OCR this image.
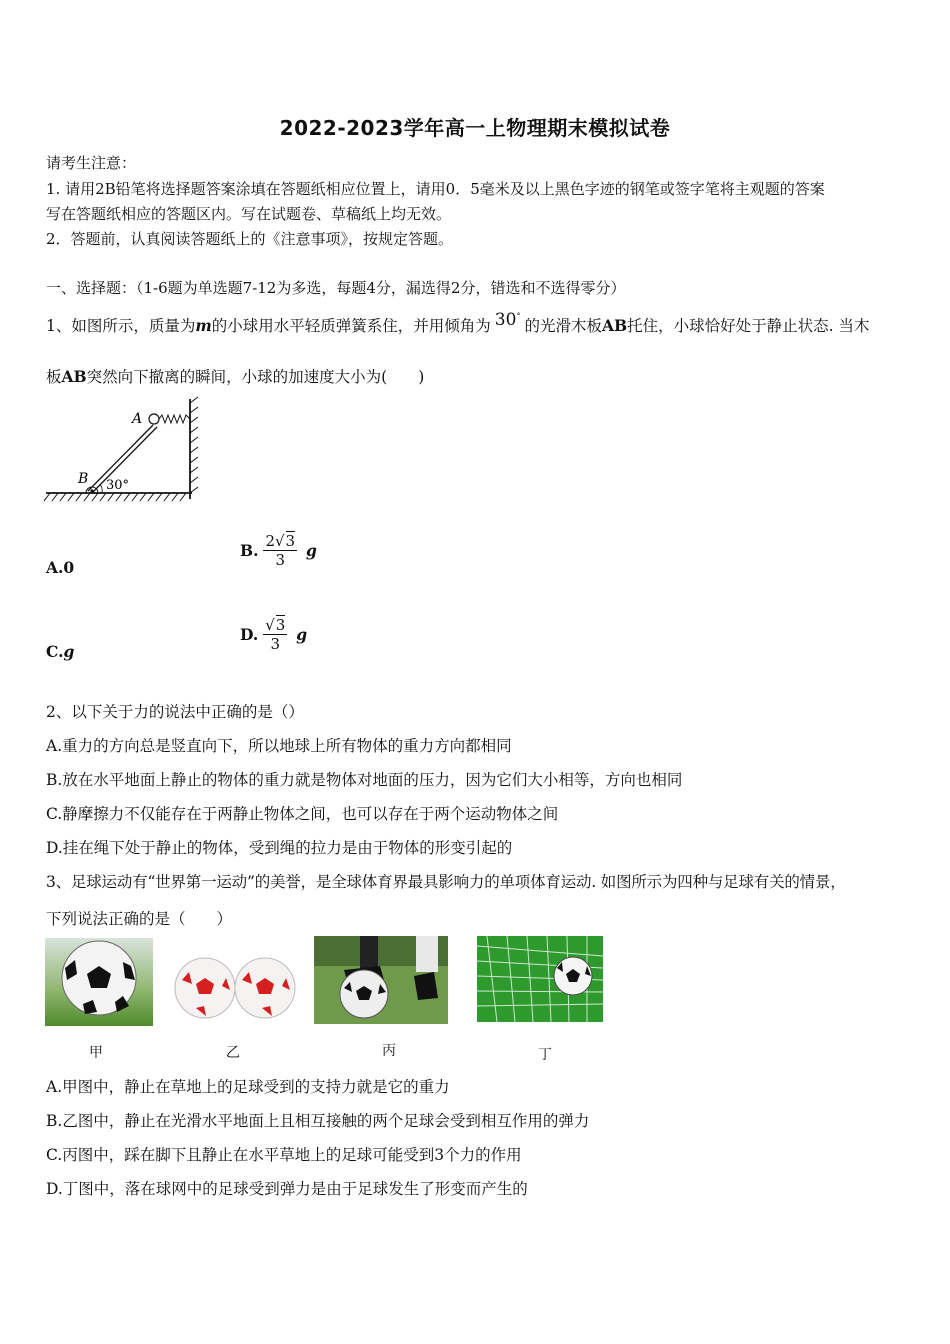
2022-2023学年高一上物理期末模拟试卷
请考生注意：
1. 请用2B铅笔将选择题答案涂填在答题纸相应位置上，请用0．5毫米及以上黑色字迹的钢笔或签字笔将主观题的答案
写在答题纸相应的答题区内。写在试题卷、草稿纸上均无效。
2．答题前，认真阅读答题纸上的《注意事项》，按规定答题。
一、选择题：（1-6题为单选题7-12为多选，每题4分，漏选得2分，错选和不选得零分）
1、如图所示，质量为m的小球用水平轻质弹簧系住，并用倾角为 30°的光滑木板AB托住，小球恰好处于静止状态. 当木
板AB突然向下撤离的瞬间，小球的加速度大小为(　　)
A
B 30°
A.0
B. $\frac{2√3}{3}$ g
C.g
D. $\frac{√3}{3}$ g
2、以下关于力的说法中正确的是（）
A.重力的方向总是竖直向下，所以地球上所有物体的重力方向都相同
B.放在水平地面上静止的物体的重力就是物体对地面的压力，因为它们大小相等，方向也相同
C.静摩擦力不仅能存在于两静止物体之间，也可以存在于两个运动物体之间
D.挂在绳下处于静止的物体，受到绳的拉力是由于物体的形变引起的
3、足球运动有“世界第一运动”的美誉，是全球体育界最具影响力的单项体育运动. 如图所示为四种与足球有关的情景，
下列说法正确的是（　　）
甲	乙	丙	丁
A.甲图中，静止在草地上的足球受到的支持力就是它的重力
B.乙图中，静止在光滑水平地面上且相互接触的两个足球会受到相互作用的弹力
C.丙图中，踩在脚下且静止在水平草地上的足球可能受到3个力的作用
D.丁图中，落在球网中的足球受到弹力是由于足球发生了形变而产生的
